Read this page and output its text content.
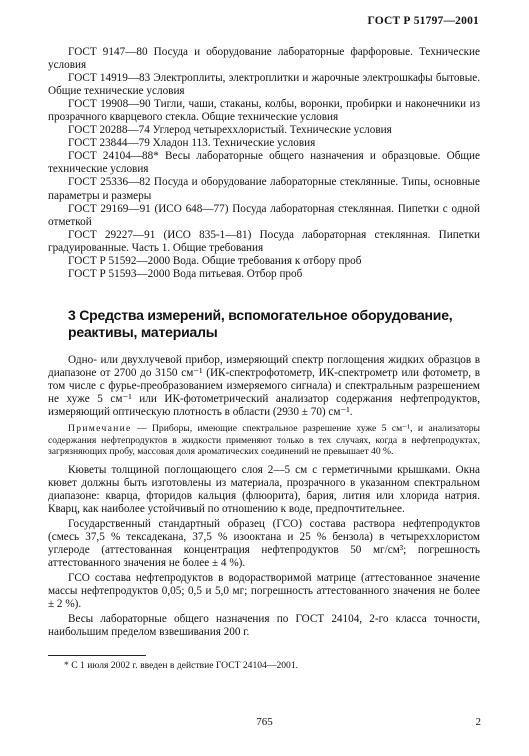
ГОСТ Р 51797—2001

ГОСТ 9147—80 Посуда и оборудование лабораторные фарфоровые. Технические условия

ГОСТ 14919—83 Электроплиты, электроплитки и жарочные электрошкафы бытовые. Общие технические условия

ГОСТ 19908—90 Тигли, чаши, стаканы, колбы, воронки, пробирки и наконечники из прозрачного кварцевого стекла. Общие технические условия

ГОСТ 20288—74 Углерод четыреххлористый. Технические условия

ГОСТ 23844—79 Хладон 113. Технические условия

ГОСТ 24104—88* Весы лабораторные общего назначения и образцовые. Общие технические условия

ГОСТ 25336—82 Посуда и оборудование лабораторные стеклянные. Типы, основные параметры и размеры

ГОСТ 29169—91 (ИСО 648—77) Посуда лабораторная стеклянная. Пипетки с одной отметкой

ГОСТ 29227—91 (ИСО 835-1—81) Посуда лабораторная стеклянная. Пипетки градуированные. Часть 1. Общие требования

ГОСТ Р 51592—2000 Вода. Общие требования к отбору проб

ГОСТ Р 51593—2000 Вода питьевая. Отбор проб

3 Средства измерений, вспомогательное оборудование, реактивы, материалы

Одно- или двухлучевой прибор, измеряющий спектр поглощения жидких образцов в диапазоне от 2700 до 3150 см⁻¹ (ИК-спектрофотометр, ИК-спектрометр или фотометр, в том числе с фурье-преобразованием измеряемого сигнала) и спектральным разрешением не хуже 5 см⁻¹ или ИК-фотометрический анализатор содержания нефтепродуктов, измеряющий оптическую плотность в области (2930 ± 70) см⁻¹.

Примечание — Приборы, имеющие спектральное разрешение хуже 5 см⁻¹, и анализаторы содержания нефтепродуктов в жидкости применяют только в тех случаях, когда в нефтепродуктах, загрязняющих пробу, массовая доля ароматических соединений не превышает 40 %.

Кюветы толщиной поглощающего слоя 2—5 см с герметичными крышками. Окна кювет должны быть изготовлены из материала, прозрачного в указанном спектральном диапазоне: кварца, фторидов кальция (флюорита), бария, лития или хлорида натрия. Кварц, как наиболее устойчивый по отношению к воде, предпочтительнее.

Государственный стандартный образец (ГСО) состава раствора нефтепродуктов (смесь 37,5 % тексадекана, 37,5 % изооктана и 25 % бензола) в четыреххлористом углероде (аттестованная концентрация нефтепродуктов 50 мг/см³; погрешность аттестованного значения не более ± 4 %).

ГСО состава нефтепродуктов в водорастворимой матрице (аттестованное значение массы нефтепродуктов 0,05; 0,5 и 5,0 мг; погрешность аттестованного значения не более ± 2 %).

Весы лабораторные общего назначения по ГОСТ 24104, 2-го класса точности, наибольшим пределом взвешивания 200 г.

* С 1 июля 2002 г. введен в действие ГОСТ 24104—2001.
765	2
